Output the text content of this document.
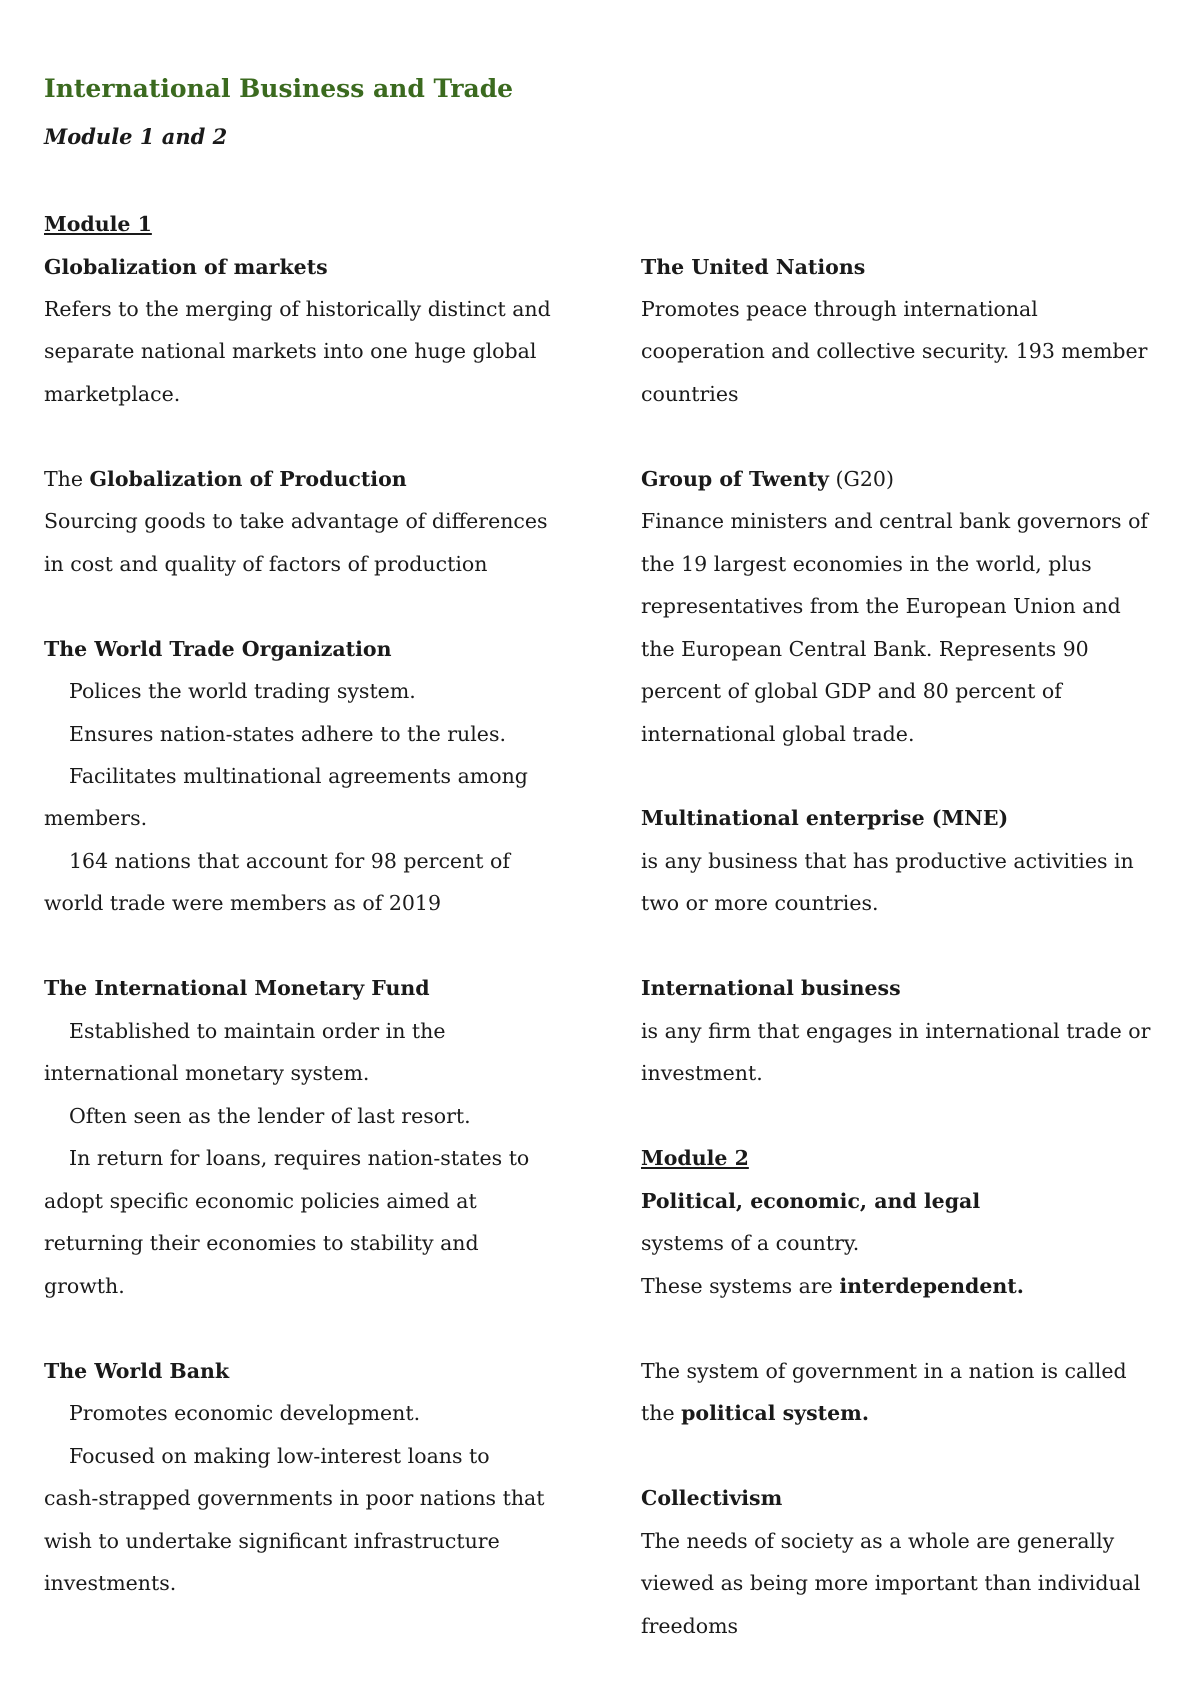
International Business and Trade
Module 1 and 2
Module 1
Globalization of markets
Refers to the merging of historically distinct and
separate national markets into one huge global
marketplace.
The Globalization of Production
Sourcing goods to take advantage of differences
in cost and quality of factors of production
The World Trade Organization
Polices the world trading system.
Ensures nation-states adhere to the rules.
Facilitates multinational agreements among
members.
164 nations that account for 98 percent of
world trade were members as of 2019
The International Monetary Fund
Established to maintain order in the
international monetary system.
Often seen as the lender of last resort.
In return for loans, requires nation-states to
adopt specific economic policies aimed at
returning their economies to stability and
growth.
The World Bank
Promotes economic development.
Focused on making low-interest loans to
cash-strapped governments in poor nations that
wish to undertake significant infrastructure
investments.
The United Nations
Promotes peace through international
cooperation and collective security. 193 member
countries
Group of Twenty (G20)
Finance ministers and central bank governors of
the 19 largest economies in the world, plus
representatives from the European Union and
the European Central Bank. Represents 90
percent of global GDP and 80 percent of
international global trade.
Multinational enterprise (MNE)
is any business that has productive activities in
two or more countries.
International business
is any firm that engages in international trade or
investment.
Module 2
Political, economic, and legal
systems of a country.
These systems are interdependent.
The system of government in a nation is called
the political system.
Collectivism
The needs of society as a whole are generally
viewed as being more important than individual
freedoms
